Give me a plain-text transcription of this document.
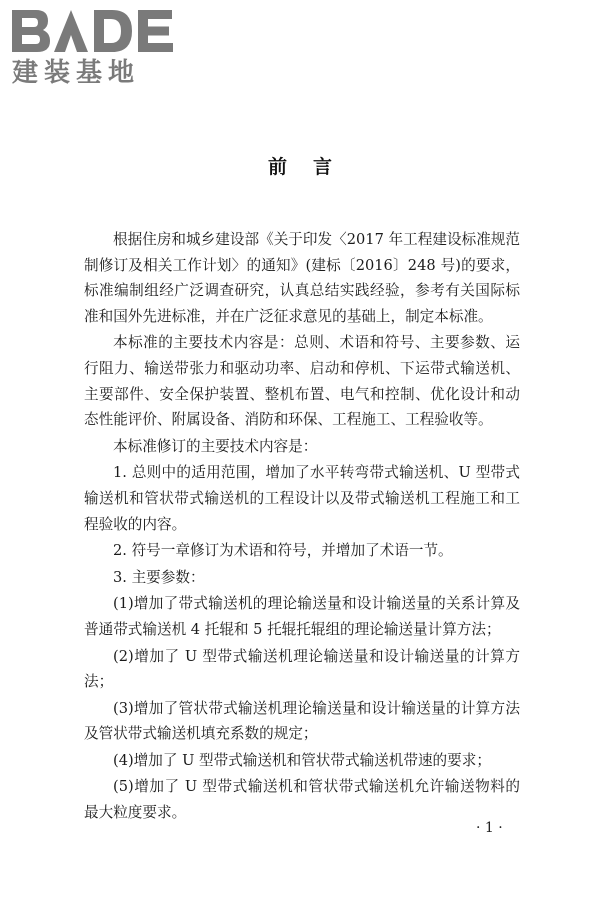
建装基地
前言

根据住房和城乡建设部《关于印发〈2017 年工程建设标准规范制修订及相关工作计划〉的通知》(建标〔2016〕248 号)的要求，标准编制组经广泛调查研究，认真总结实践经验，参考有关国际标准和国外先进标准，并在广泛征求意见的基础上，制定本标准。

本标准的主要技术内容是：总则、术语和符号、主要参数、运行阻力、输送带张力和驱动功率、启动和停机、下运带式输送机、主要部件、安全保护装置、整机布置、电气和控制、优化设计和动态性能评价、附属设备、消防和环保、工程施工、工程验收等。

本标准修订的主要技术内容是：

1. 总则中的适用范围，增加了水平转弯带式输送机、U 型带式输送机和管状带式输送机的工程设计以及带式输送机工程施工和工程验收的内容。

2. 符号一章修订为术语和符号，并增加了术语一节。

3. 主要参数：

(1)增加了带式输送机的理论输送量和设计输送量的关系计算及普通带式输送机 4 托辊和 5 托辊托辊组的理论输送量计算方法；

(2)增加了 U 型带式输送机理论输送量和设计输送量的计算方法；

(3)增加了管状带式输送机理论输送量和设计输送量的计算方法及管状带式输送机填充系数的规定；

(4)增加了 U 型带式输送机和管状带式输送机带速的要求；

(5)增加了 U 型带式输送机和管状带式输送机允许输送物料的最大粒度要求。

· 1 ·
